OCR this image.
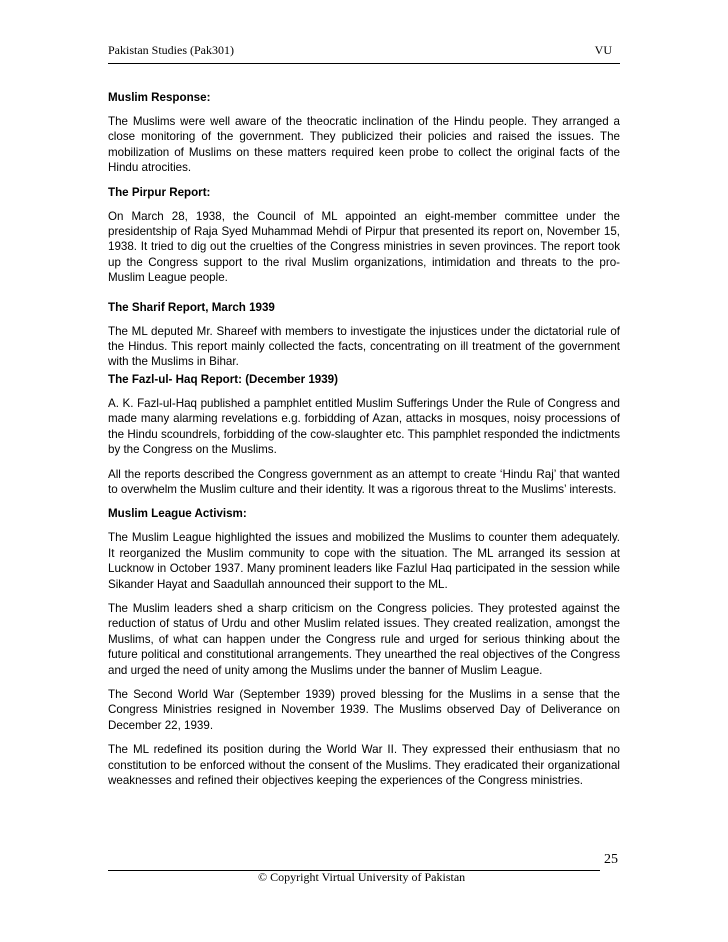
Pakistan Studies (Pak301)	VU
Muslim Response:

The Muslims were well aware of the theocratic inclination of the Hindu people. They arranged a close monitoring of the government. They publicized their policies and raised the issues. The mobilization of Muslims on these matters required keen probe to collect the original facts of the Hindu atrocities.

The Pirpur Report:

On March 28, 1938, the Council of ML appointed an eight-member committee under the presidentship of Raja Syed Muhammad Mehdi of Pirpur that presented its report on, November 15, 1938. It tried to dig out the cruelties of the Congress ministries in seven provinces. The report took up the Congress support to the rival Muslim organizations, intimidation and threats to the pro-Muslim League people.

The Sharif Report, March 1939

The ML deputed Mr. Shareef with members to investigate the injustices under the dictatorial rule of the Hindus. This report mainly collected the facts, concentrating on ill treatment of the government with the Muslims in Bihar.

The Fazl-ul- Haq Report: (December 1939)

A. K. Fazl-ul-Haq published a pamphlet entitled Muslim Sufferings Under the Rule of Congress and made many alarming revelations e.g. forbidding of Azan, attacks in mosques, noisy processions of the Hindu scoundrels, forbidding of the cow-slaughter etc. This pamphlet responded the indictments by the Congress on the Muslims.

All the reports described the Congress government as an attempt to create ‘Hindu Raj’ that wanted to overwhelm the Muslim culture and their identity. It was a rigorous threat to the Muslims’ interests.

Muslim League Activism:

The Muslim League highlighted the issues and mobilized the Muslims to counter them adequately. It reorganized the Muslim community to cope with the situation. The ML arranged its session at Lucknow in October 1937. Many prominent leaders like Fazlul Haq participated in the session while Sikander Hayat and Saadullah announced their support to the ML.

The Muslim leaders shed a sharp criticism on the Congress policies. They protested against the reduction of status of Urdu and other Muslim related issues. They created realization, amongst the Muslims, of what can happen under the Congress rule and urged for serious thinking about the future political and constitutional arrangements. They unearthed the real objectives of the Congress and urged the need of unity among the Muslims under the banner of Muslim League.

The Second World War (September 1939) proved blessing for the Muslims in a sense that the Congress Ministries resigned in November 1939. The Muslims observed Day of Deliverance on December 22, 1939.

The ML redefined its position during the World War II. They expressed their enthusiasm that no constitution to be enforced without the consent of the Muslims. They eradicated their organizational weaknesses and refined their objectives keeping the experiences of the Congress ministries.

25
© Copyright Virtual University of Pakistan
